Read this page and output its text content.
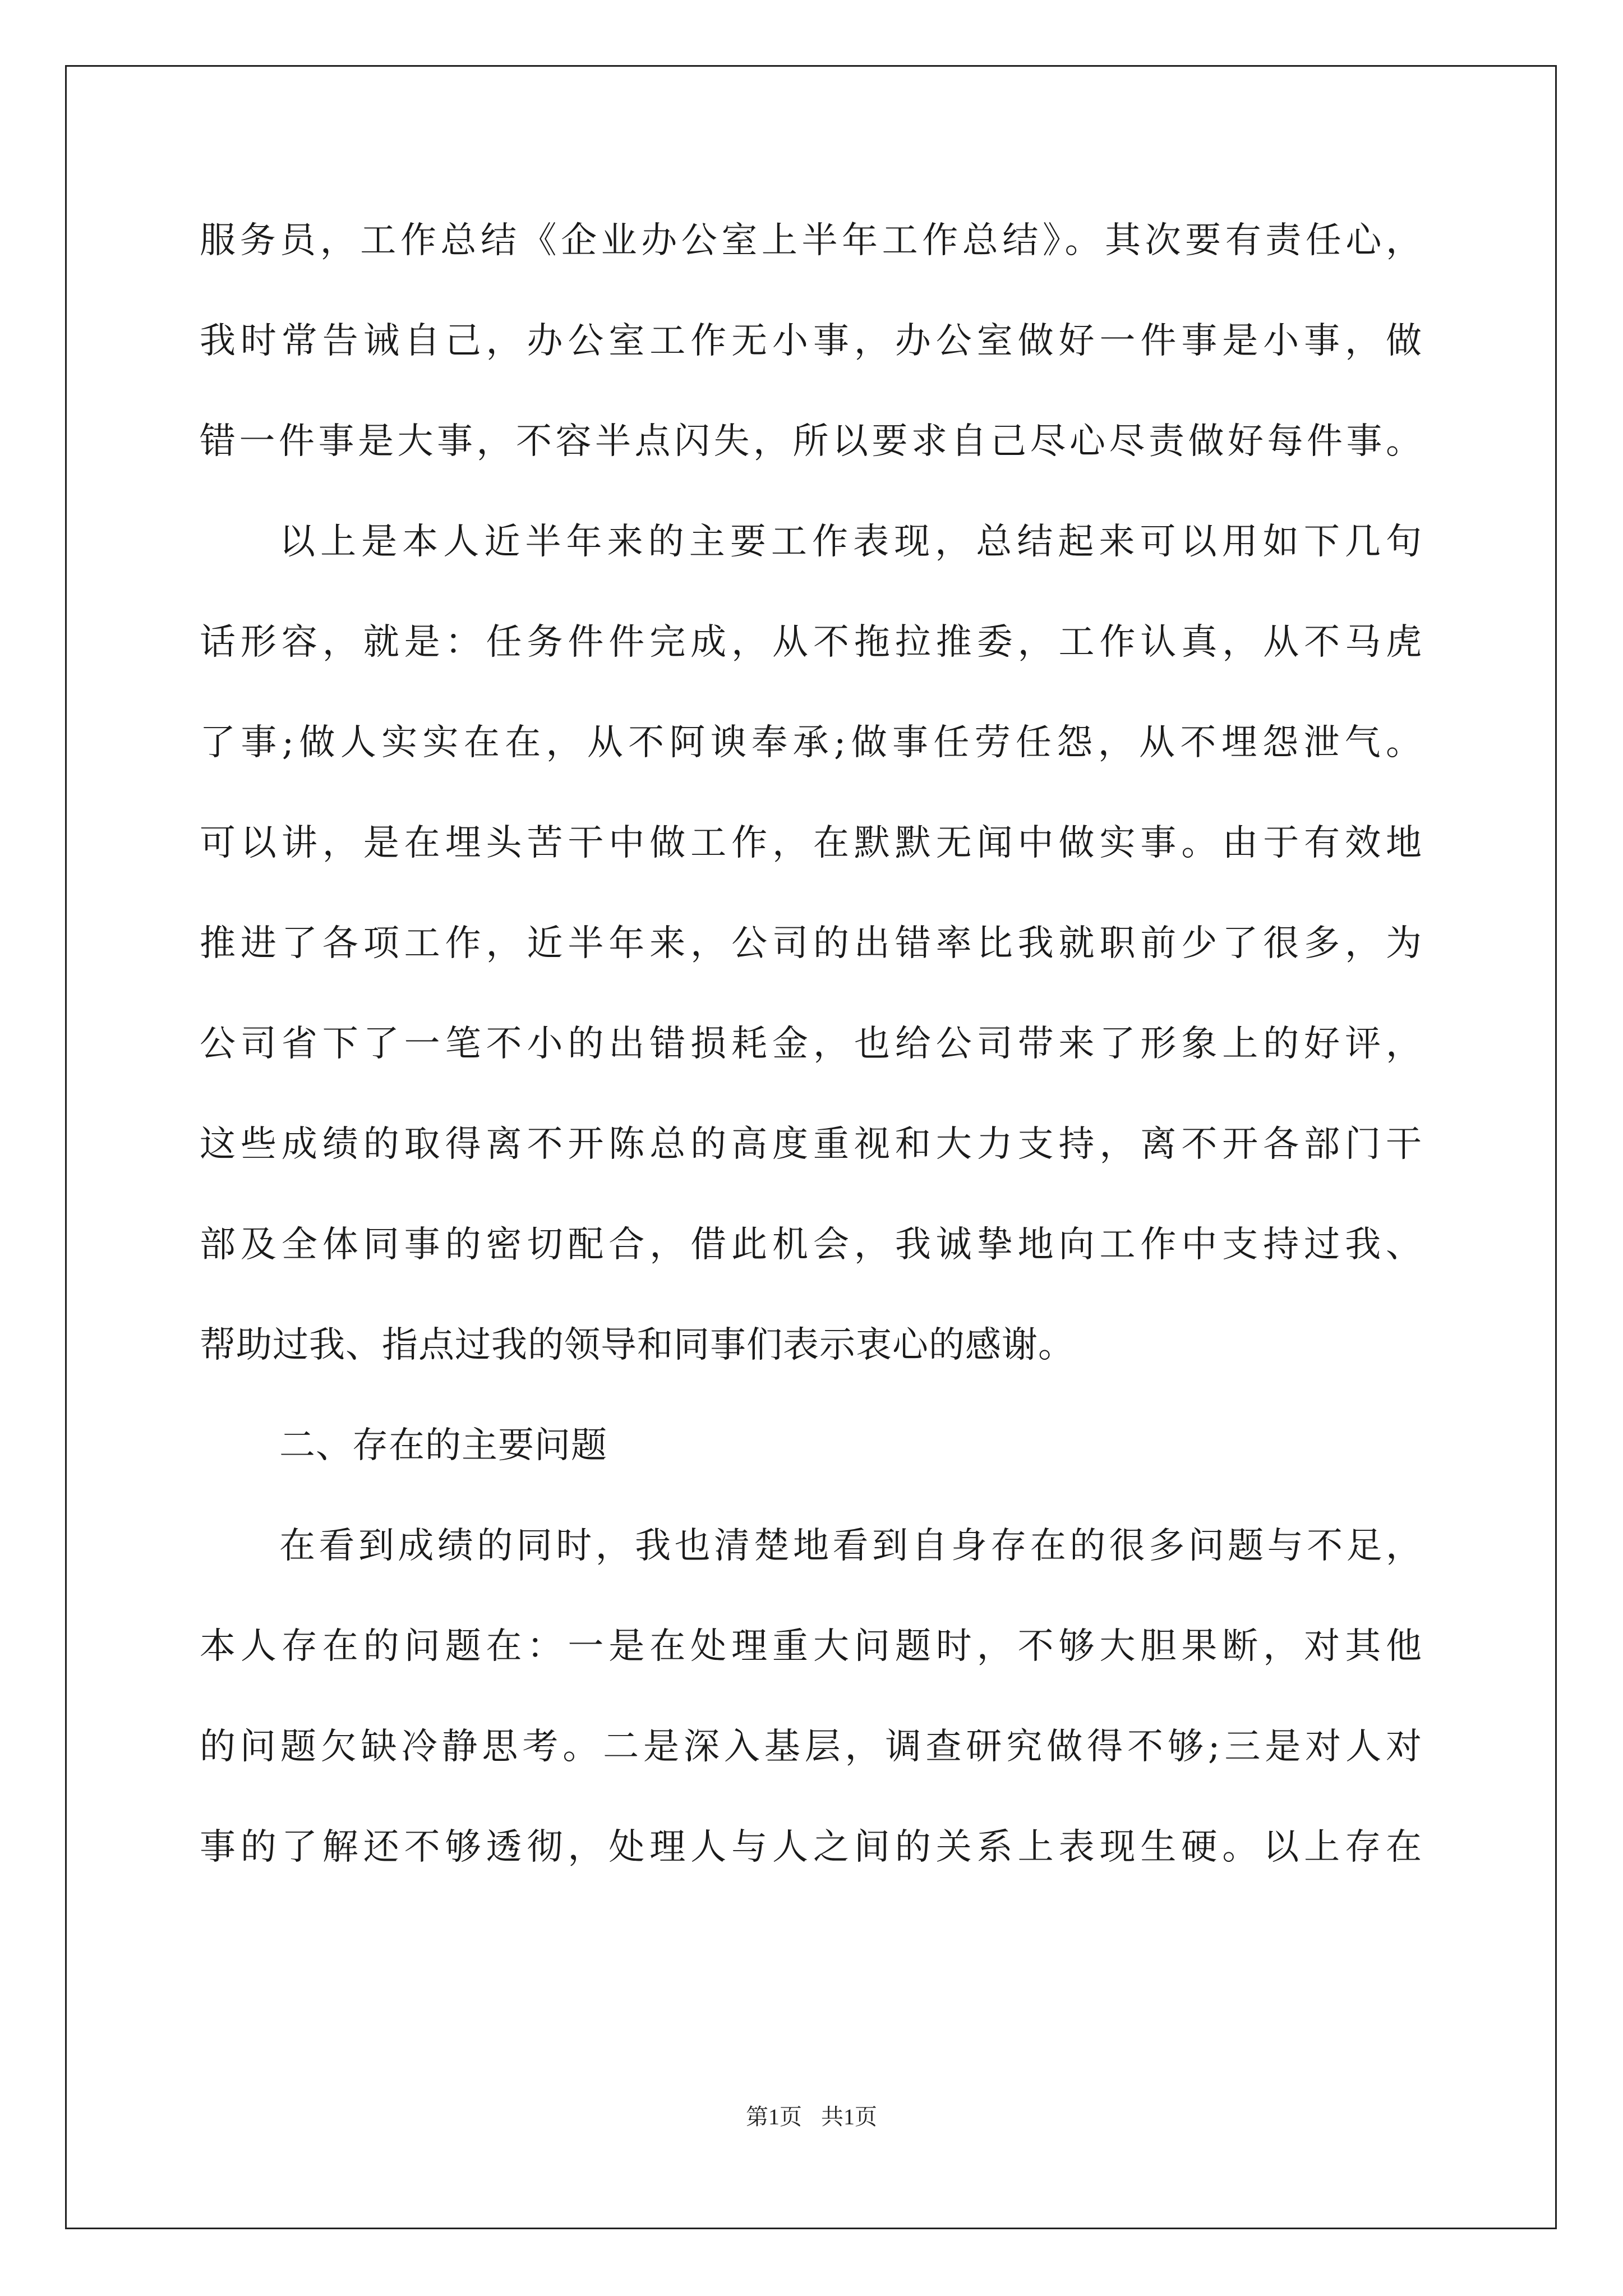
服务员，工作总结《企业办公室上半年工作总结》。其次要有责任心，
我时常告诫自己，办公室工作无小事，办公室做好一件事是小事，做
错一件事是大事，不容半点闪失，所以要求自己尽心尽责做好每件事。
以上是本人近半年来的主要工作表现，总结起来可以用如下几句
话形容，就是：任务件件完成，从不拖拉推委，工作认真，从不马虎
了事;做人实实在在，从不阿谀奉承;做事任劳任怨，从不埋怨泄气。
可以讲，是在埋头苦干中做工作，在默默无闻中做实事。由于有效地
推进了各项工作，近半年来，公司的出错率比我就职前少了很多，为
公司省下了一笔不小的出错损耗金，也给公司带来了形象上的好评，
这些成绩的取得离不开陈总的高度重视和大力支持，离不开各部门干
部及全体同事的密切配合，借此机会，我诚挚地向工作中支持过我、
帮助过我、指点过我的领导和同事们表示衷心的感谢。
二、存在的主要问题
在看到成绩的同时，我也清楚地看到自身存在的很多问题与不足，
本人存在的问题在：一是在处理重大问题时，不够大胆果断，对其他
的问题欠缺冷静思考。二是深入基层，调查研究做得不够;三是对人对
事的了解还不够透彻，处理人与人之间的关系上表现生硬。以上存在
第1页 共1页
